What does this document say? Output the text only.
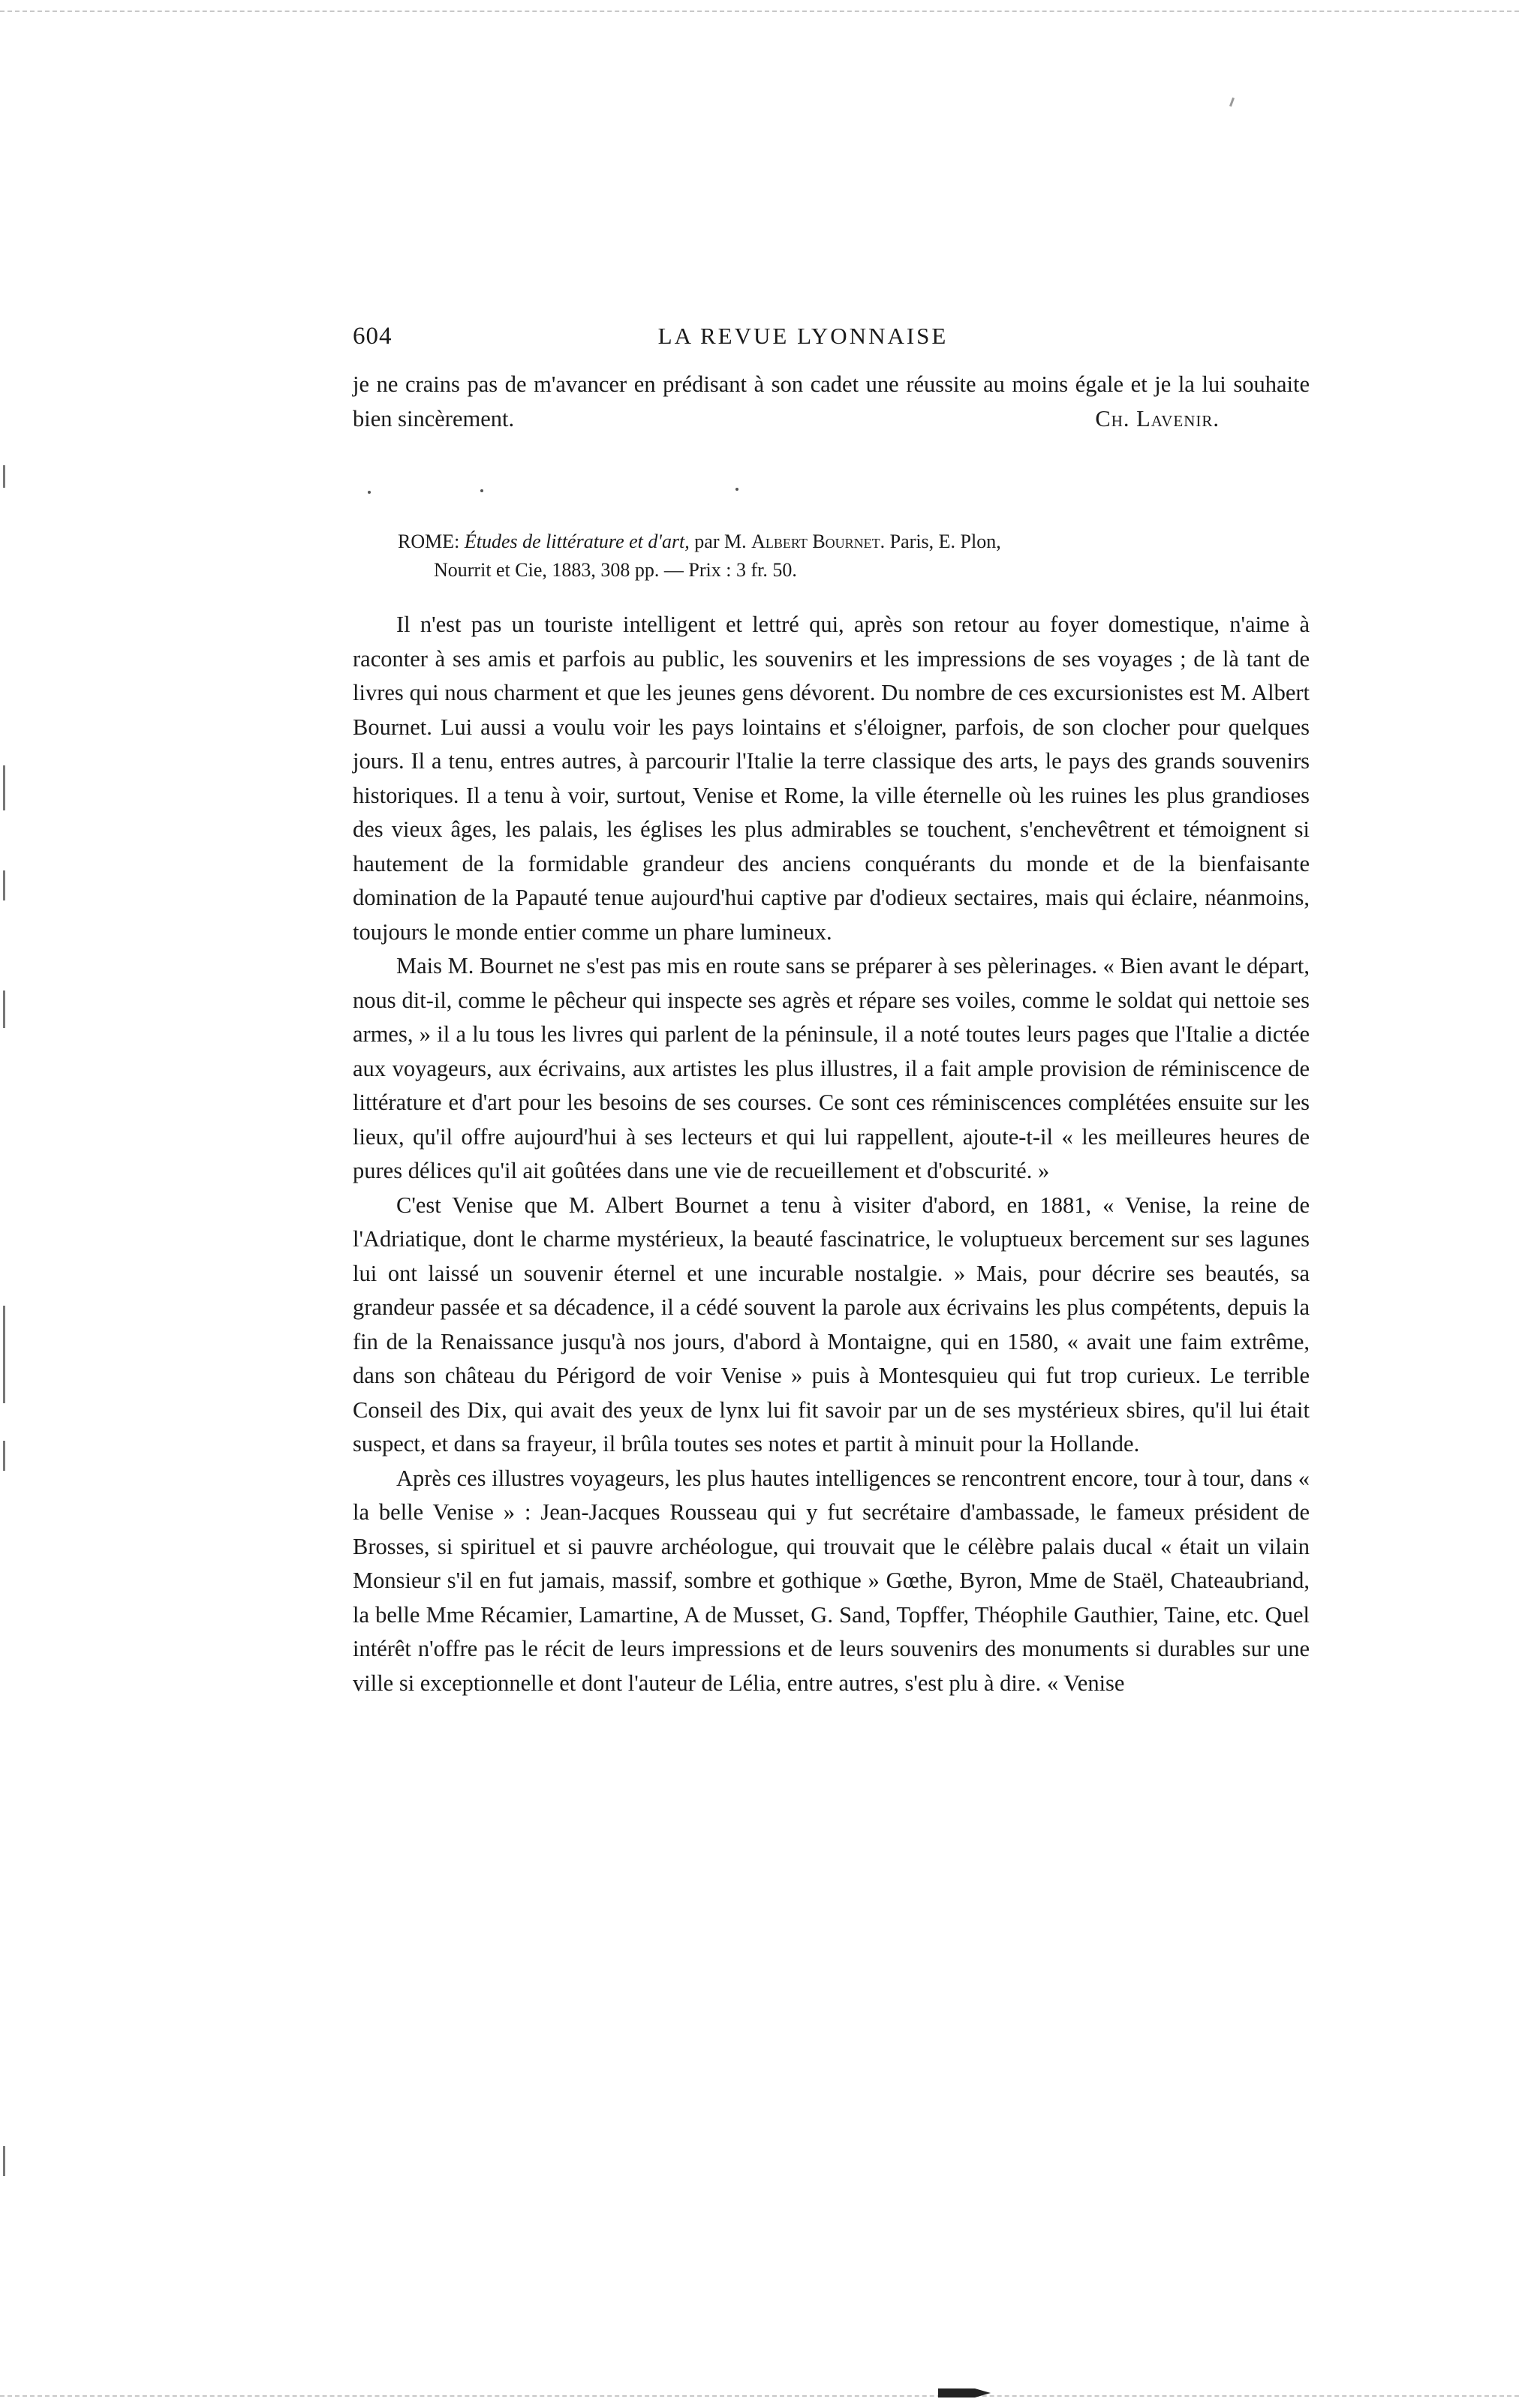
604	LA REVUE LYONNAISE

je ne crains pas de m'avancer en prédisant à son cadet une réussite au moins égale et je la lui souhaite bien sincèrement.	Ch. Lavenir.

ROME: Études de littérature et d'art, par M. Albert Bournet. Paris, E. Plon,
Nourrit et Cie, 1883, 308 pp. — Prix : 3 fr. 50.

Il n'est pas un touriste intelligent et lettré qui, après son retour au foyer domestique, n'aime à raconter à ses amis et parfois au public, les souvenirs et les impressions de ses voyages ; de là tant de livres qui nous charment et que les jeunes gens dévorent. Du nombre de ces excursionistes est M. Albert Bournet. Lui aussi a voulu voir les pays lointains et s'éloigner, parfois, de son clocher pour quelques jours. Il a tenu, entres autres, à parcourir l'Italie la terre classique des arts, le pays des grands souvenirs historiques. Il a tenu à voir, surtout, Venise et Rome, la ville éternelle où les ruines les plus grandioses des vieux âges, les palais, les églises les plus admirables se touchent, s'enchevêtrent et témoignent si hautement de la formidable grandeur des anciens conquérants du monde et de la bienfaisante domination de la Papauté tenue aujourd'hui captive par d'odieux sectaires, mais qui éclaire, néanmoins, toujours le monde entier comme un phare lumineux.

Mais M. Bournet ne s'est pas mis en route sans se préparer à ses pèlerinages. « Bien avant le départ, nous dit-il, comme le pêcheur qui inspecte ses agrès et répare ses voiles, comme le soldat qui nettoie ses armes, » il a lu tous les livres qui parlent de la péninsule, il a noté toutes leurs pages que l'Italie a dictée aux voyageurs, aux écrivains, aux artistes les plus illustres, il a fait ample provision de réminiscence de littérature et d'art pour les besoins de ses courses. Ce sont ces réminiscences complétées ensuite sur les lieux, qu'il offre aujourd'hui à ses lecteurs et qui lui rappellent, ajoute-t-il « les meilleures heures de pures délices qu'il ait goûtées dans une vie de recueillement et d'obscurité. »

C'est Venise que M. Albert Bournet a tenu à visiter d'abord, en 1881, « Venise, la reine de l'Adriatique, dont le charme mystérieux, la beauté fascinatrice, le voluptueux bercement sur ses lagunes lui ont laissé un souvenir éternel et une incurable nostalgie. » Mais, pour décrire ses beautés, sa grandeur passée et sa décadence, il a cédé souvent la parole aux écrivains les plus compétents, depuis la fin de la Renaissance jusqu'à nos jours, d'abord à Montaigne, qui en 1580, « avait une faim extrême, dans son château du Périgord de voir Venise » puis à Montesquieu qui fut trop curieux. Le terrible Conseil des Dix, qui avait des yeux de lynx lui fit savoir par un de ses mystérieux sbires, qu'il lui était suspect, et dans sa frayeur, il brûla toutes ses notes et partit à minuit pour la Hollande.

Après ces illustres voyageurs, les plus hautes intelligences se rencontrent encore, tour à tour, dans « la belle Venise » : Jean-Jacques Rousseau qui y fut secrétaire d'ambassade, le fameux président de Brosses, si spirituel et si pauvre archéologue, qui trouvait que le célèbre palais ducal « était un vilain Monsieur s'il en fut jamais, massif, sombre et gothique » Gœthe, Byron, Mme de Staël, Chateaubriand, la belle Mme Récamier, Lamartine, A de Musset, G. Sand, Topffer, Théophile Gauthier, Taine, etc. Quel intérêt n'offre pas le récit de leurs impressions et de leurs souvenirs des monuments si durables sur une ville si exceptionnelle et dont l'auteur de Lélia, entre autres, s'est plu à dire. « Venise
